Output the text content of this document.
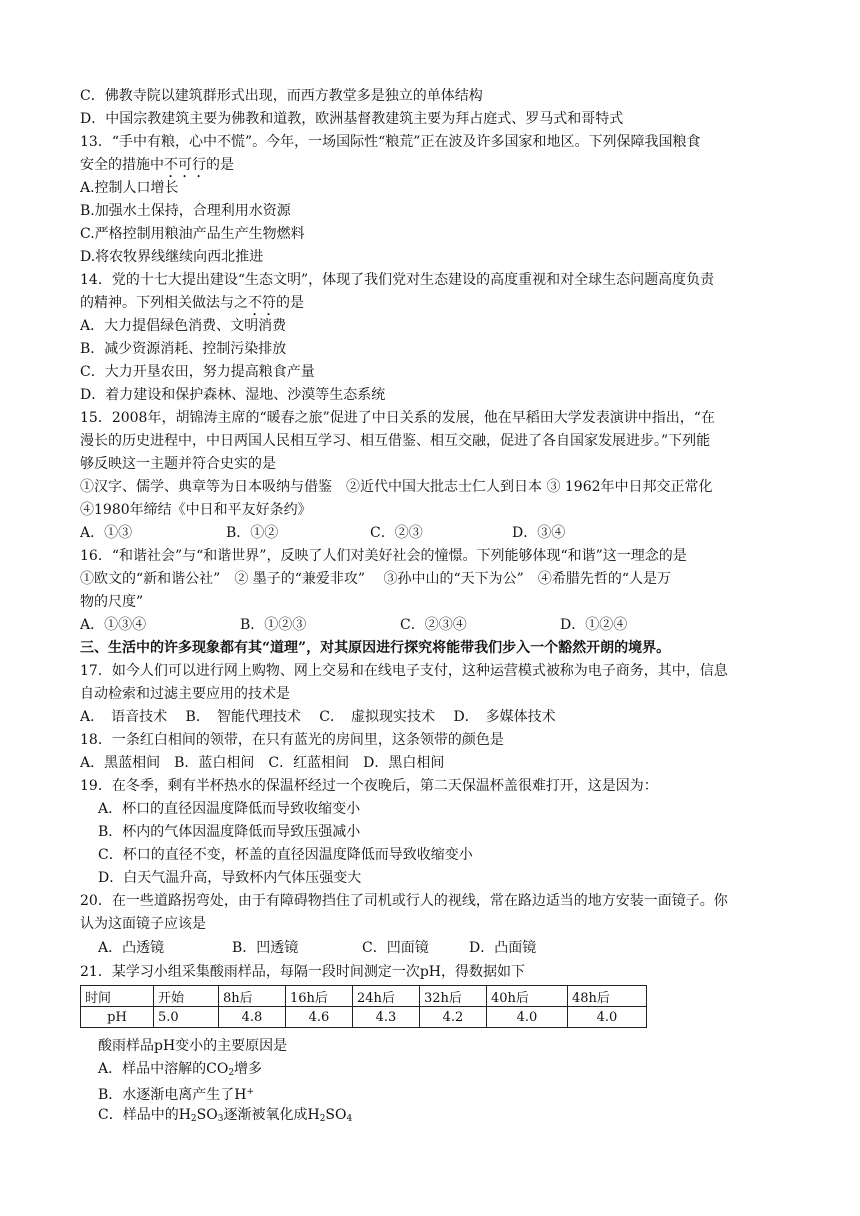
C．佛教寺院以建筑群形式出现，而西方教堂多是独立的单体结构
D．中国宗教建筑主要为佛教和道教，欧洲基督教建筑主要为拜占庭式、罗马式和哥特式
13．“手中有粮，心中不慌”。今年，一场国际性“粮荒”正在波及许多国家和地区。下列保障我国粮食
安全的措施中不可行的是
A.控制人口增长
B.加强水土保持，合理利用水资源
C.严格控制用粮油产品生产生物燃料
D.将农牧界线继续向西北推进
14．党的十七大提出建设“生态文明”，体现了我们党对生态建设的高度重视和对全球生态问题高度负责
的精神。下列相关做法与之不符的是
A．大力提倡绿色消费、文明消费
B．减少资源消耗、控制污染排放
C．大力开垦农田，努力提高粮食产量
D．着力建设和保护森林、湿地、沙漠等生态系统
15．2008年，胡锦涛主席的“暖春之旅”促进了中日关系的发展，他在早稻田大学发表演讲中指出，“在
漫长的历史进程中，中日两国人民相互学习、相互借鉴、相互交融，促进了各自国家发展进步。”下列能
够反映这一主题并符合史实的是
①汉字、儒学、典章等为日本吸纳与借鉴　②近代中国大批志士仁人到日本 ③ 1962年中日邦交正常化
④1980年缔结《中日和平友好条约》
A．①③	B．①②	C．②③	D．③④
16．“和谐社会”与“和谐世界”，反映了人们对美好社会的憧憬。下列能够体现“和谐”这一理念的是
①欧文的“新和谐公社”　② 墨子的“兼爱非攻”　 ③孙中山的“天下为公”　④希腊先哲的“人是万
物的尺度”
A．①③④	B．①②③	C．②③④	D．①②④
三、生活中的许多现象都有其“道理”，对其原因进行探究将能带我们步入一个豁然开朗的境界。
17．如今人们可以进行网上购物、网上交易和在线电子支付，这种运营模式被称为电子商务，其中，信息
自动检索和过滤主要应用的技术是
A．　语音技术　 B．　智能代理技术　 C．　虚拟现实技术　 D．　多媒体技术
18．一条红白相间的领带，在只有蓝光的房间里，这条领带的颜色是
A．黑蓝相间　B．蓝白相间　C．红蓝相间　D．黑白相间
19．在冬季，剩有半杯热水的保温杯经过一个夜晚后，第二天保温杯盖很难打开，这是因为：
A．杯口的直径因温度降低而导致收缩变小
B．杯内的气体因温度降低而导致压强减小
C．杯口的直径不变，杯盖的直径因温度降低而导致收缩变小
D．白天气温升高，导致杯内气体压强变大
20．在一些道路拐弯处，由于有障碍物挡住了司机或行人的视线，常在路边适当的地方安装一面镜子。你
认为这面镜子应该是
A．凸透镜	B．凹透镜	C．凹面镜	D．凸面镜
21．某学习小组采集酸雨样品，每隔一段时间测定一次pH，得数据如下
时间	开始	8h后	16h后	24h后	32h后	40h后	48h后
pH	5.0	4.8	4.6	4.3	4.2	4.0	4.0
酸雨样品pH变小的主要原因是
A．样品中溶解的$CO_2$增多
B．水逐渐电离产生了H+
C．样品中的$H_2SO_3$逐渐被氧化成$H_2SO_4$
